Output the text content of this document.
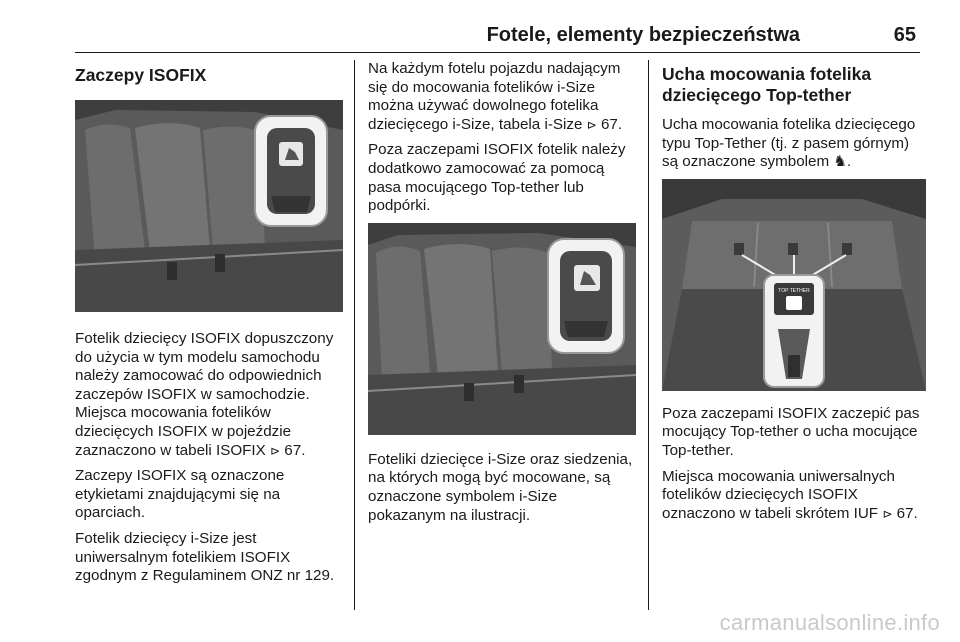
Fotele, elementy bezpieczeństwa	65
Zaczepy ISOFIX

Fotelik dziecięcy ISOFIX dopuszczony do użycia w tym modelu samochodu należy zamocować do odpowiednich zaczepów ISOFIX w samochodzie. Miejsca mocowania fotelików dziecięcych ISOFIX w pojeździe zaznaczono w tabeli ISOFIX ⊳ 67.

Zaczepy ISOFIX są oznaczone etykietami znajdującymi się na oparciach.

Fotelik dziecięcy i-Size jest uniwersalnym fotelikiem ISOFIX zgodnym z Regulaminem ONZ nr 129.

Na każdym fotelu pojazdu nadającym się do mocowania fotelików i-Size można używać dowolnego fotelika dziecięcego i-Size, tabela i-Size ⊳ 67.

Poza zaczepami ISOFIX fotelik należy dodatkowo zamocować za pomocą pasa mocującego Top-tether lub podpórki.

Foteliki dziecięce i-Size oraz siedzenia, na których mogą być mocowane, są oznaczone symbolem i-Size pokazanym na ilustracji.

Ucha mocowania fotelika dziecięcego Top-tether

Ucha mocowania fotelika dziecięcego typu Top-Tether (tj. z pasem górnym) są oznaczone symbolem ♞.

TOP TETHER

Poza zaczepami ISOFIX zaczepić pas mocujący Top-tether o ucha mocujące Top-tether.

Miejsca mocowania uniwersalnych fotelików dziecięcych ISOFIX oznaczono w tabeli skrótem IUF ⊳ 67.

carmanualsonline.info
